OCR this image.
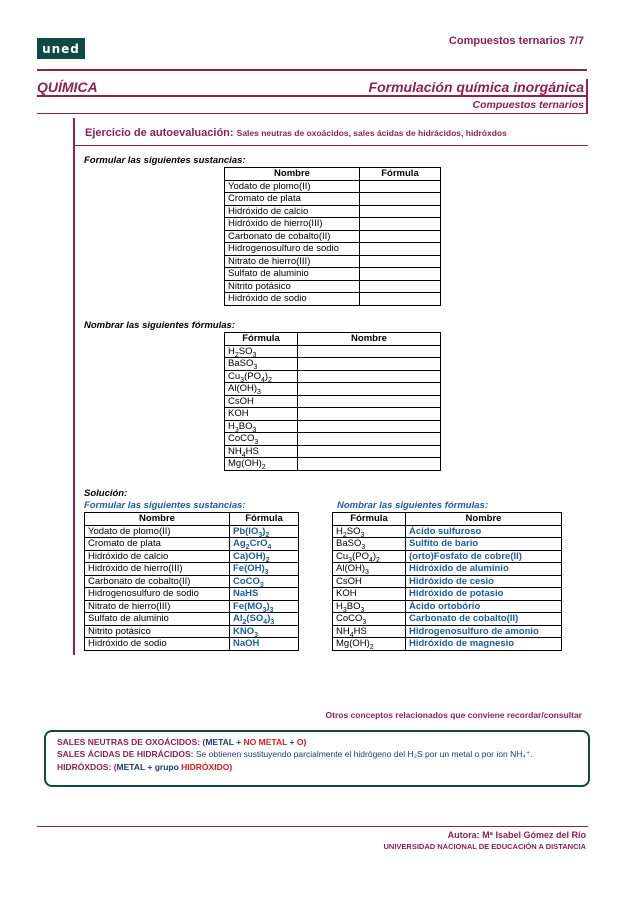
uned
Compuestos ternarios 7/7
QUÍMICA	Formulación química inorgánica
Compuestos ternarios
Ejercicio de autoevaluación: Sales neutras de oxoácidos, sales ácidas de hidrácidos, hidróxdos
Formular las siguientes sustancias:
Nombre	Fórmula
Yodato de plomo(II)	
Cromato de plata	
Hidróxido de calcio	
Hidróxido de hierro(III)	
Carbonato de cobalto(II)	
Hidrogenosulfuro de sodio	
Nitrato de hierro(III)	
Sulfato de aluminio	
Nitrito potásico	
Hidróxido de sodio	
Nombrar las siguientes fórmulas:
Fórmula	Nombre
$H_2SO_3$	
BaSO$_3$	
$Cu_3(PO_4)_2$	
$Al(OH)_3$	
CsOH	
KOH	
$H_3BO_3$	
CoCO$_3$	
$NH_4HS$	
$Mg(OH)_2$	
Solución:
Formular las siguientes sustancias:	Nombrar las siguientes fórmulas:
Nombre	Fórmula
Yodato de plomo(II)	$Pb(IO_3)_2$
Cromato de plata	$Ag_2CrO_4$
Hidróxido de calcio	$Ca)OH)_2$
Hidróxido de hierro(III)	$Fe(OH)_3$
Carbonato de cobalto(II)	CoCO$_3$
Hidrogenosulfuro de sodio	NaHS
Nitrato de hierro(III)	$Fe(MO_3)_3$
Sulfato de aluminio	$Al_2(SO_4)_3$
Nitrito potásico	$KNO_3$
Hidróxido de sodio	NaOH
Fórmula	Nombre
$H_2SO_3$	Ácido sulfuroso
BaSO$_3$	Sulfito de bario
$Cu_3(PO_4)_2$	(orto)Fosfato de cobre(II)
$Al(OH)_3$	Hidróxido de aluminio
CsOH	Hidróxido de cesio
KOH	Hidróxido de potasio
$H_3BO_3$	Ácido ortobório
CoCO$_3$	Carbonato de cobalto(II)
$NH_4HS$	Hidrogenosulfuro de amonio
$Mg(OH)_2$	Hidróxido de magnesio
Otros conceptos relacionados que conviene recordar/consultar
SALES NEUTRAS DE OXOÁCIDOS: (METAL + NO METAL + O)
SALES ÁCIDAS DE HIDRÁCIDOS: Se obtienen sustituyendo parcialmente el hidrógeno del H₂S por un metal o por ion NH₄⁺.
HIDRÓXDOS: (METAL + grupo HIDRÓXIDO)
Autora: Mª Isabel Gómez del Río
UNIVERSIDAD NACIONAL DE EDUCACIÓN A DISTANCIA
